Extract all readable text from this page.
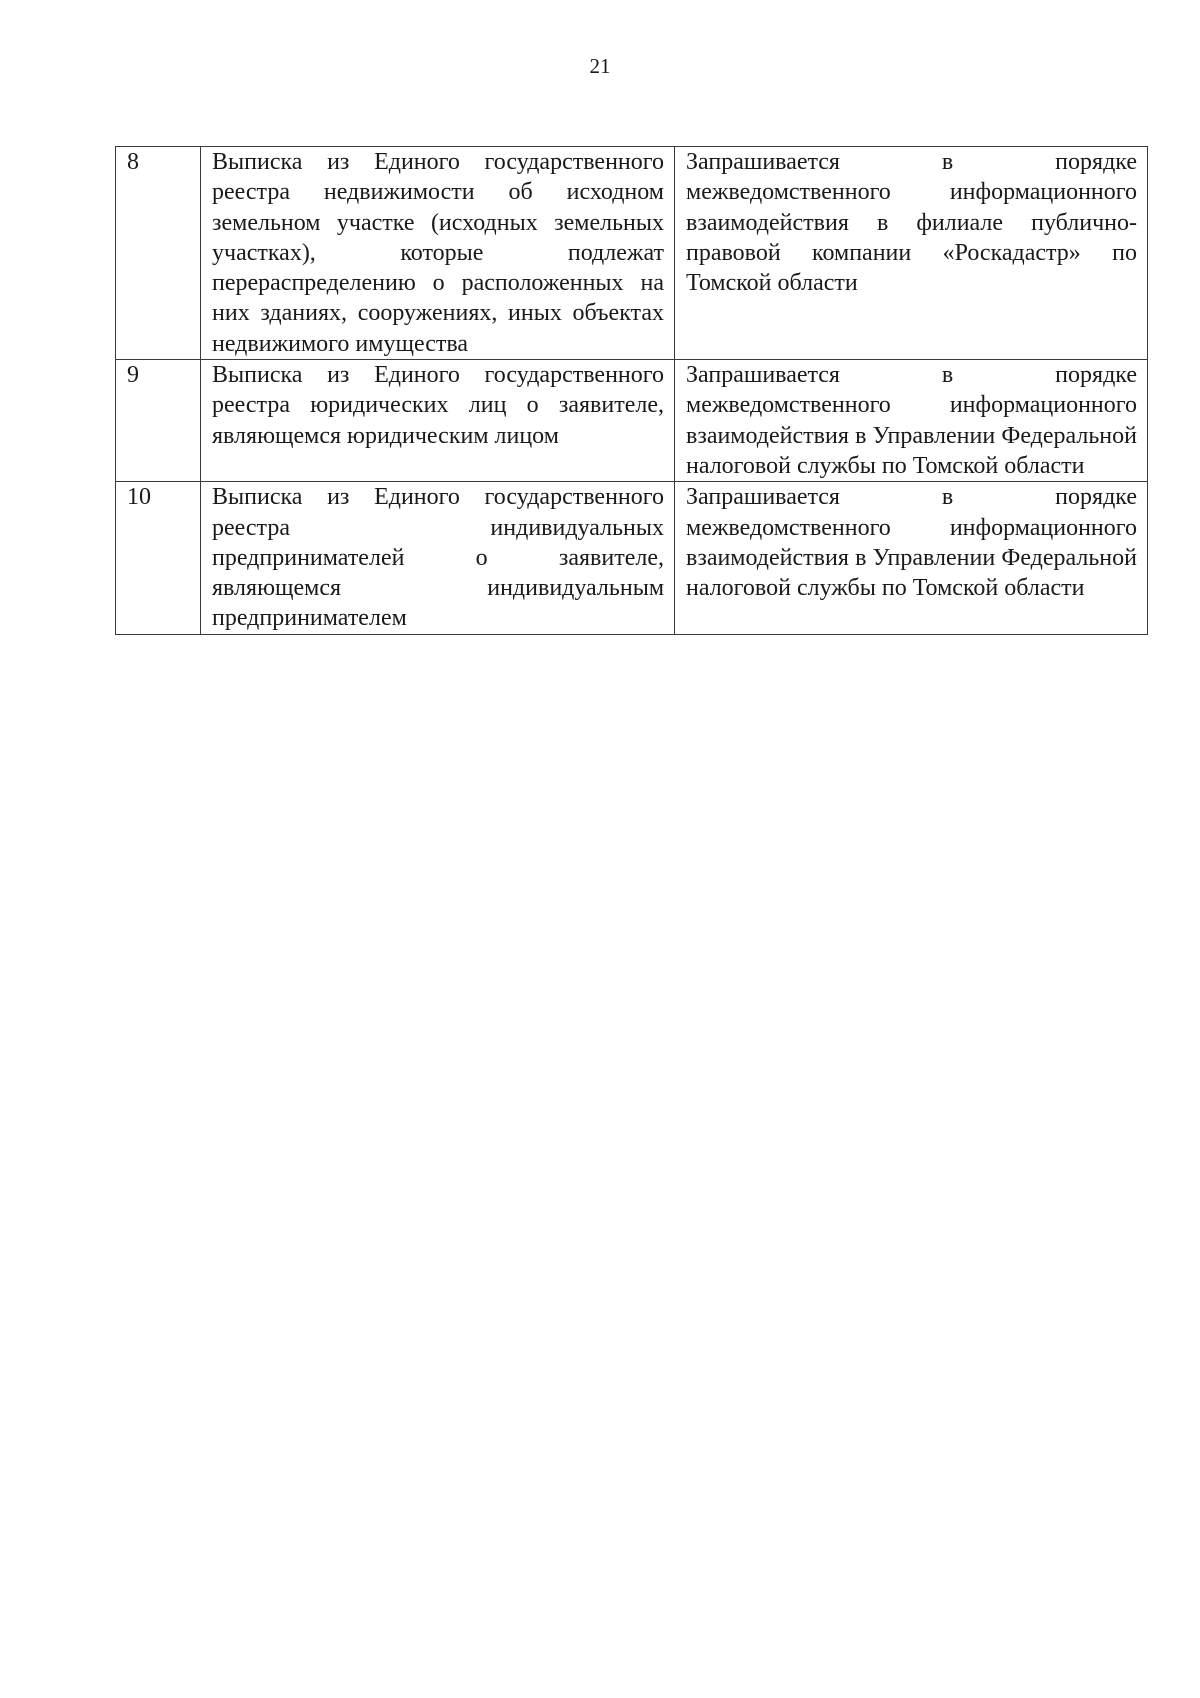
21
8	Выписка из Единого государственного реестра недвижимости об исходном земельном участке (исходных земельных участках), которые подлежат перераспределению о расположенных на них зданиях, сооружениях, иных объектах недвижимого имущества	Запрашивается в порядке межведомственного информационного взаимодействия в филиале публично-правовой компании «Роскадастр» по Томской области
9	Выписка из Единого государственного реестра юридических лиц о заявителе, являющемся юридическим лицом	Запрашивается в порядке межведомственного информационного взаимодействия в Управлении Федеральной налоговой службы по Томской области
10	Выписка из Единого государственного реестра индивидуальных предпринимателей о заявителе, являющемся индивидуальным предпринимателем	Запрашивается в порядке межведомственного информационного взаимодействия в Управлении Федеральной налоговой службы по Томской области
